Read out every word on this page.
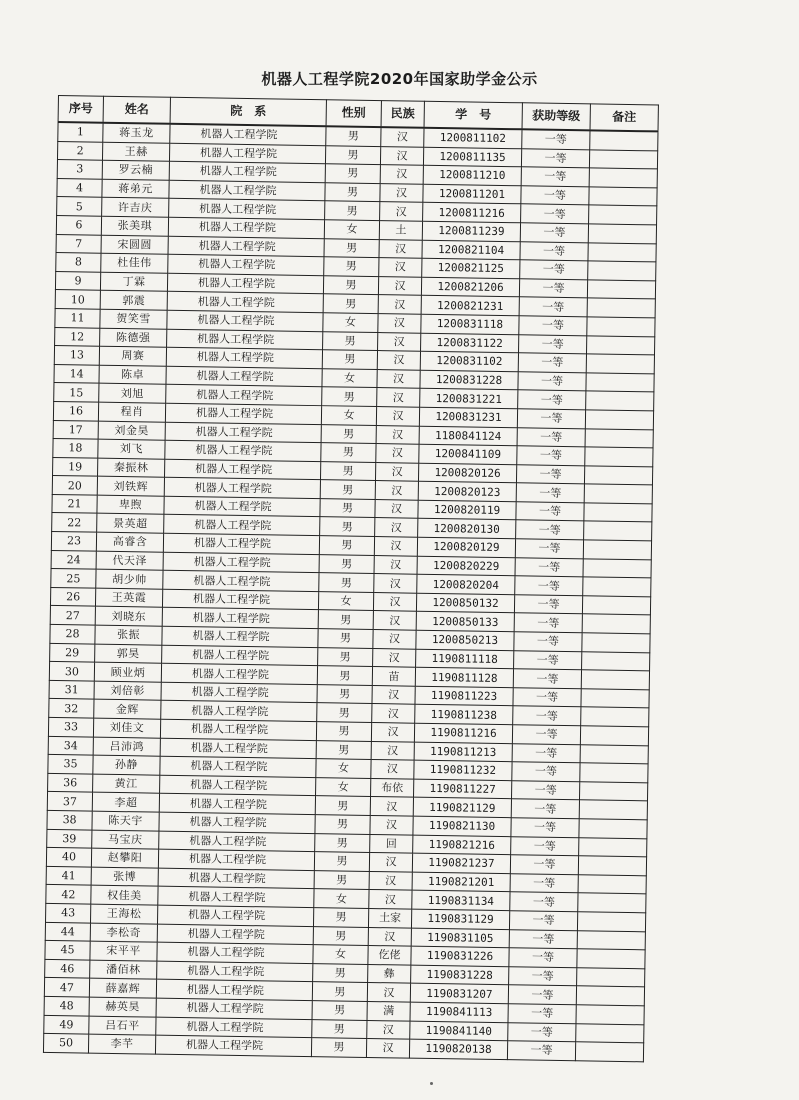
机器人工程学院2020年国家助学金公示
序号	姓名	院　系	性别	民族	学　号	获助等级	备注
1	蒋玉龙	机器人工程学院	男	汉	1200811102	一等	
2	王赫	机器人工程学院	男	汉	1200811135	一等	
3	罗云楠	机器人工程学院	男	汉	1200811210	一等	
4	蒋弟元	机器人工程学院	男	汉	1200811201	一等	
5	许吉庆	机器人工程学院	男	汉	1200811216	一等	
6	张美琪	机器人工程学院	女	土	1200811239	一等	
7	宋圆圆	机器人工程学院	男	汉	1200821104	一等	
8	杜佳伟	机器人工程学院	男	汉	1200821125	一等	
9	丁霖	机器人工程学院	男	汉	1200821206	一等	
10	郭震	机器人工程学院	男	汉	1200821231	一等	
11	贺笑雪	机器人工程学院	女	汉	1200831118	一等	
12	陈德强	机器人工程学院	男	汉	1200831122	一等	
13	周赛	机器人工程学院	男	汉	1200831102	一等	
14	陈卓	机器人工程学院	女	汉	1200831228	一等	
15	刘旭	机器人工程学院	男	汉	1200831221	一等	
16	程肖	机器人工程学院	女	汉	1200831231	一等	
17	刘金昊	机器人工程学院	男	汉	1180841124	一等	
18	刘飞	机器人工程学院	男	汉	1200841109	一等	
19	秦振林	机器人工程学院	男	汉	1200820126	一等	
20	刘铁辉	机器人工程学院	男	汉	1200820123	一等	
21	卑煦	机器人工程学院	男	汉	1200820119	一等	
22	景英超	机器人工程学院	男	汉	1200820130	一等	
23	高睿含	机器人工程学院	男	汉	1200820129	一等	
24	代天泽	机器人工程学院	男	汉	1200820229	一等	
25	胡少帅	机器人工程学院	男	汉	1200820204	一等	
26	王英霞	机器人工程学院	女	汉	1200850132	一等	
27	刘晓东	机器人工程学院	男	汉	1200850133	一等	
28	张振	机器人工程学院	男	汉	1200850213	一等	
29	郭昊	机器人工程学院	男	汉	1190811118	一等	
30	顾业炳	机器人工程学院	男	苗	1190811128	一等	
31	刘倍彰	机器人工程学院	男	汉	1190811223	一等	
32	金辉	机器人工程学院	男	汉	1190811238	一等	
33	刘佳文	机器人工程学院	男	汉	1190811216	一等	
34	吕沛鸿	机器人工程学院	男	汉	1190811213	一等	
35	孙静	机器人工程学院	女	汉	1190811232	一等	
36	黄江	机器人工程学院	女	布依	1190811227	一等	
37	李超	机器人工程学院	男	汉	1190821129	一等	
38	陈天宇	机器人工程学院	男	汉	1190821130	一等	
39	马宝庆	机器人工程学院	男	回	1190821216	一等	
40	赵攀阳	机器人工程学院	男	汉	1190821237	一等	
41	张博	机器人工程学院	男	汉	1190821201	一等	
42	权佳美	机器人工程学院	女	汉	1190831134	一等	
43	王海松	机器人工程学院	男	土家	1190831129	一等	
44	李松奇	机器人工程学院	男	汉	1190831105	一等	
45	宋平平	机器人工程学院	女	仡佬	1190831226	一等	
46	潘佰林	机器人工程学院	男	彝	1190831228	一等	
47	薛嘉辉	机器人工程学院	男	汉	1190831207	一等	
48	赫英昊	机器人工程学院	男	满	1190841113	一等	
49	吕石平	机器人工程学院	男	汉	1190841140	一等	
50	李芊	机器人工程学院	男	汉	1190820138	一等	
